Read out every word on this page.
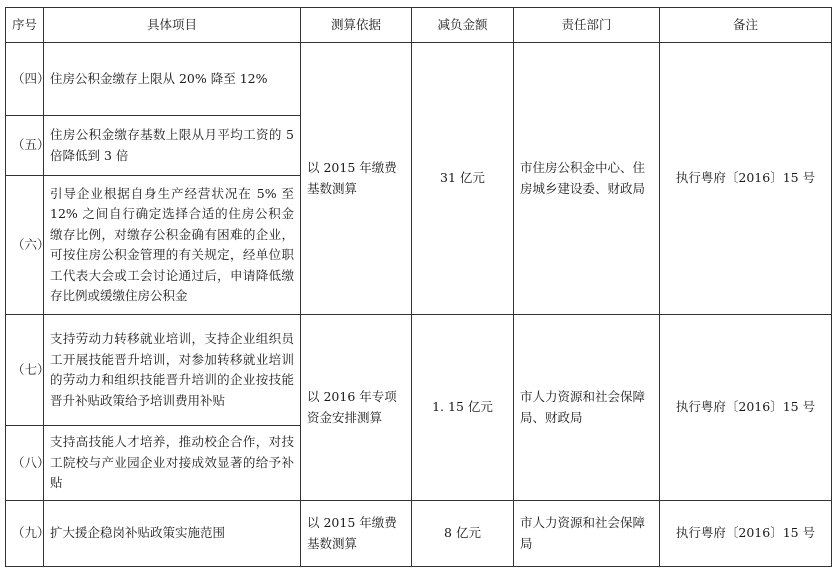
序号	具体项目	测算依据	减负金额	责任部门	备注
（四）	住房公积金缴存上限从 20% 降至 12%	以 2015 年缴费基数测算	31 亿元	市住房公积金中心、住房城乡建设委、财政局	执行粤府〔2016〕15 号
（五）	住房公积金缴存基数上限从月平均工资的 5 倍降低到 3 倍				
（六）	引导企业根据自身生产经营状况在 5% 至 12% 之间自行确定选择合适的住房公积金缴存比例，对缴存公积金确有困难的企业，可按住房公积金管理的有关规定，经单位职工代表大会或工会讨论通过后，申请降低缴存比例或缓缴住房公积金				
（七）	支持劳动力转移就业培训，支持企业组织员工开展技能晋升培训，对参加转移就业培训的劳动力和组织技能晋升培训的企业按技能晋升补贴政策给予培训费用补贴	以 2016 年专项资金安排测算	1. 15 亿元	市人力资源和社会保障局、财政局	执行粤府〔2016〕15 号
（八）	支持高技能人才培养，推动校企合作，对技工院校与产业园企业对接成效显著的给予补贴				
（九）	扩大援企稳岗补贴政策实施范围	以 2015 年缴费基数测算	8 亿元	市人力资源和社会保障局	执行粤府〔2016〕15 号
